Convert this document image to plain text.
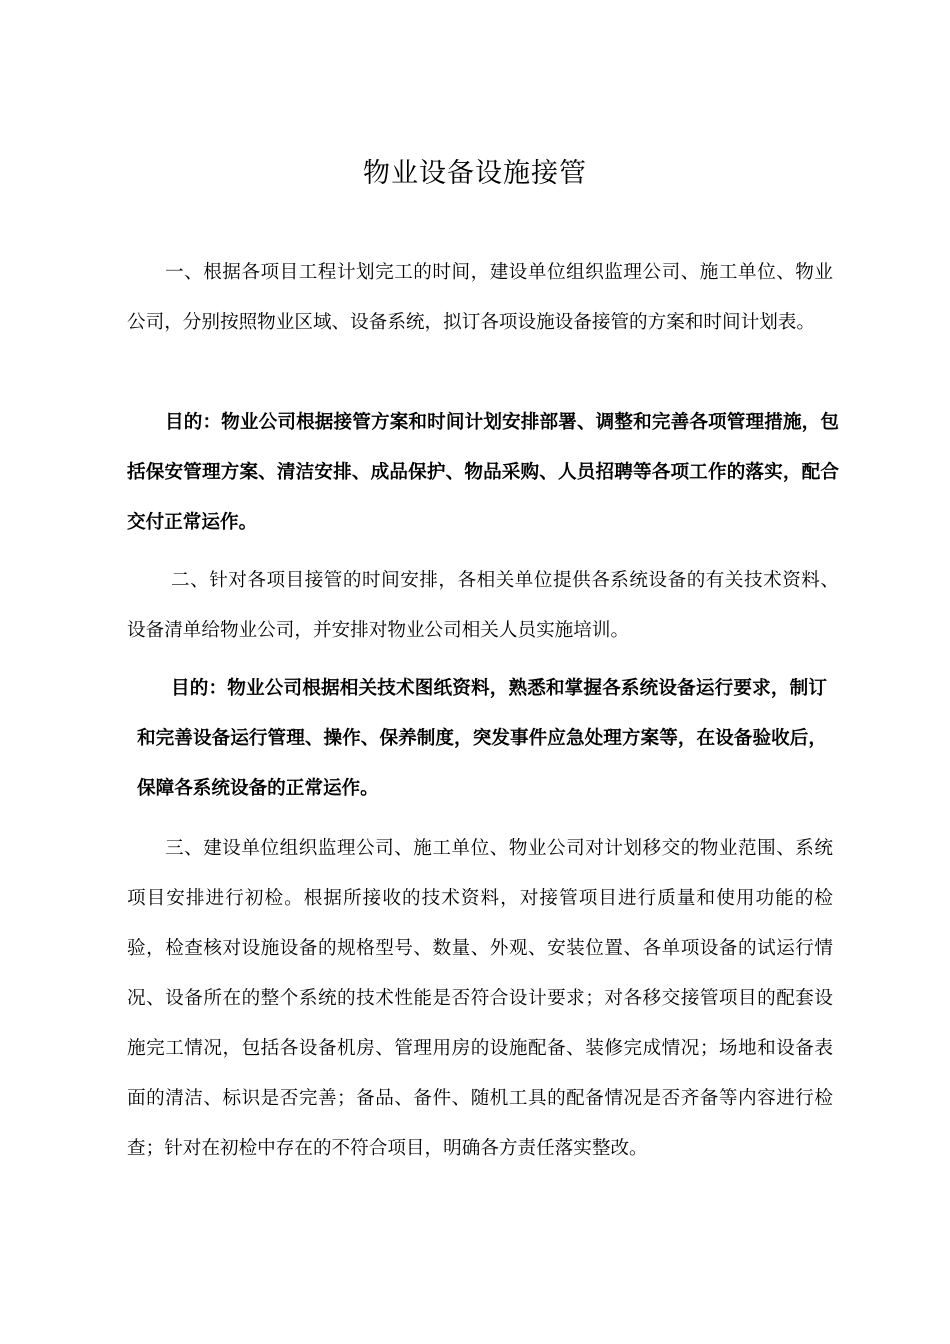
物业设备设施接管

一、根据各项目工程计划完工的时间，建设单位组织监理公司、施工单位、物业公司，分别按照物业区域、设备系统，拟订各项设施设备接管的方案和时间计划表。

目的：物业公司根据接管方案和时间计划安排部署、调整和完善各项管理措施，包括保安管理方案、清洁安排、成品保护、物品采购、人员招聘等各项工作的落实，配合交付正常运作。

二、针对各项目接管的时间安排，各相关单位提供各系统设备的有关技术资料、设备清单给物业公司，并安排对物业公司相关人员实施培训。

目的：物业公司根据相关技术图纸资料，熟悉和掌握各系统设备运行要求，制订和完善设备运行管理、操作、保养制度，突发事件应急处理方案等，在设备验收后，保障各系统设备的正常运作。

三、建设单位组织监理公司、施工单位、物业公司对计划移交的物业范围、系统项目安排进行初检。根据所接收的技术资料，对接管项目进行质量和使用功能的检验，检查核对设施设备的规格型号、数量、外观、安装位置、各单项设备的试运行情况、设备所在的整个系统的技术性能是否符合设计要求；对各移交接管项目的配套设施完工情况，包括各设备机房、管理用房的设施配备、装修完成情况；场地和设备表面的清洁、标识是否完善；备品、备件、随机工具的配备情况是否齐备等内容进行检查；针对在初检中存在的不符合项目，明确各方责任落实整改。
